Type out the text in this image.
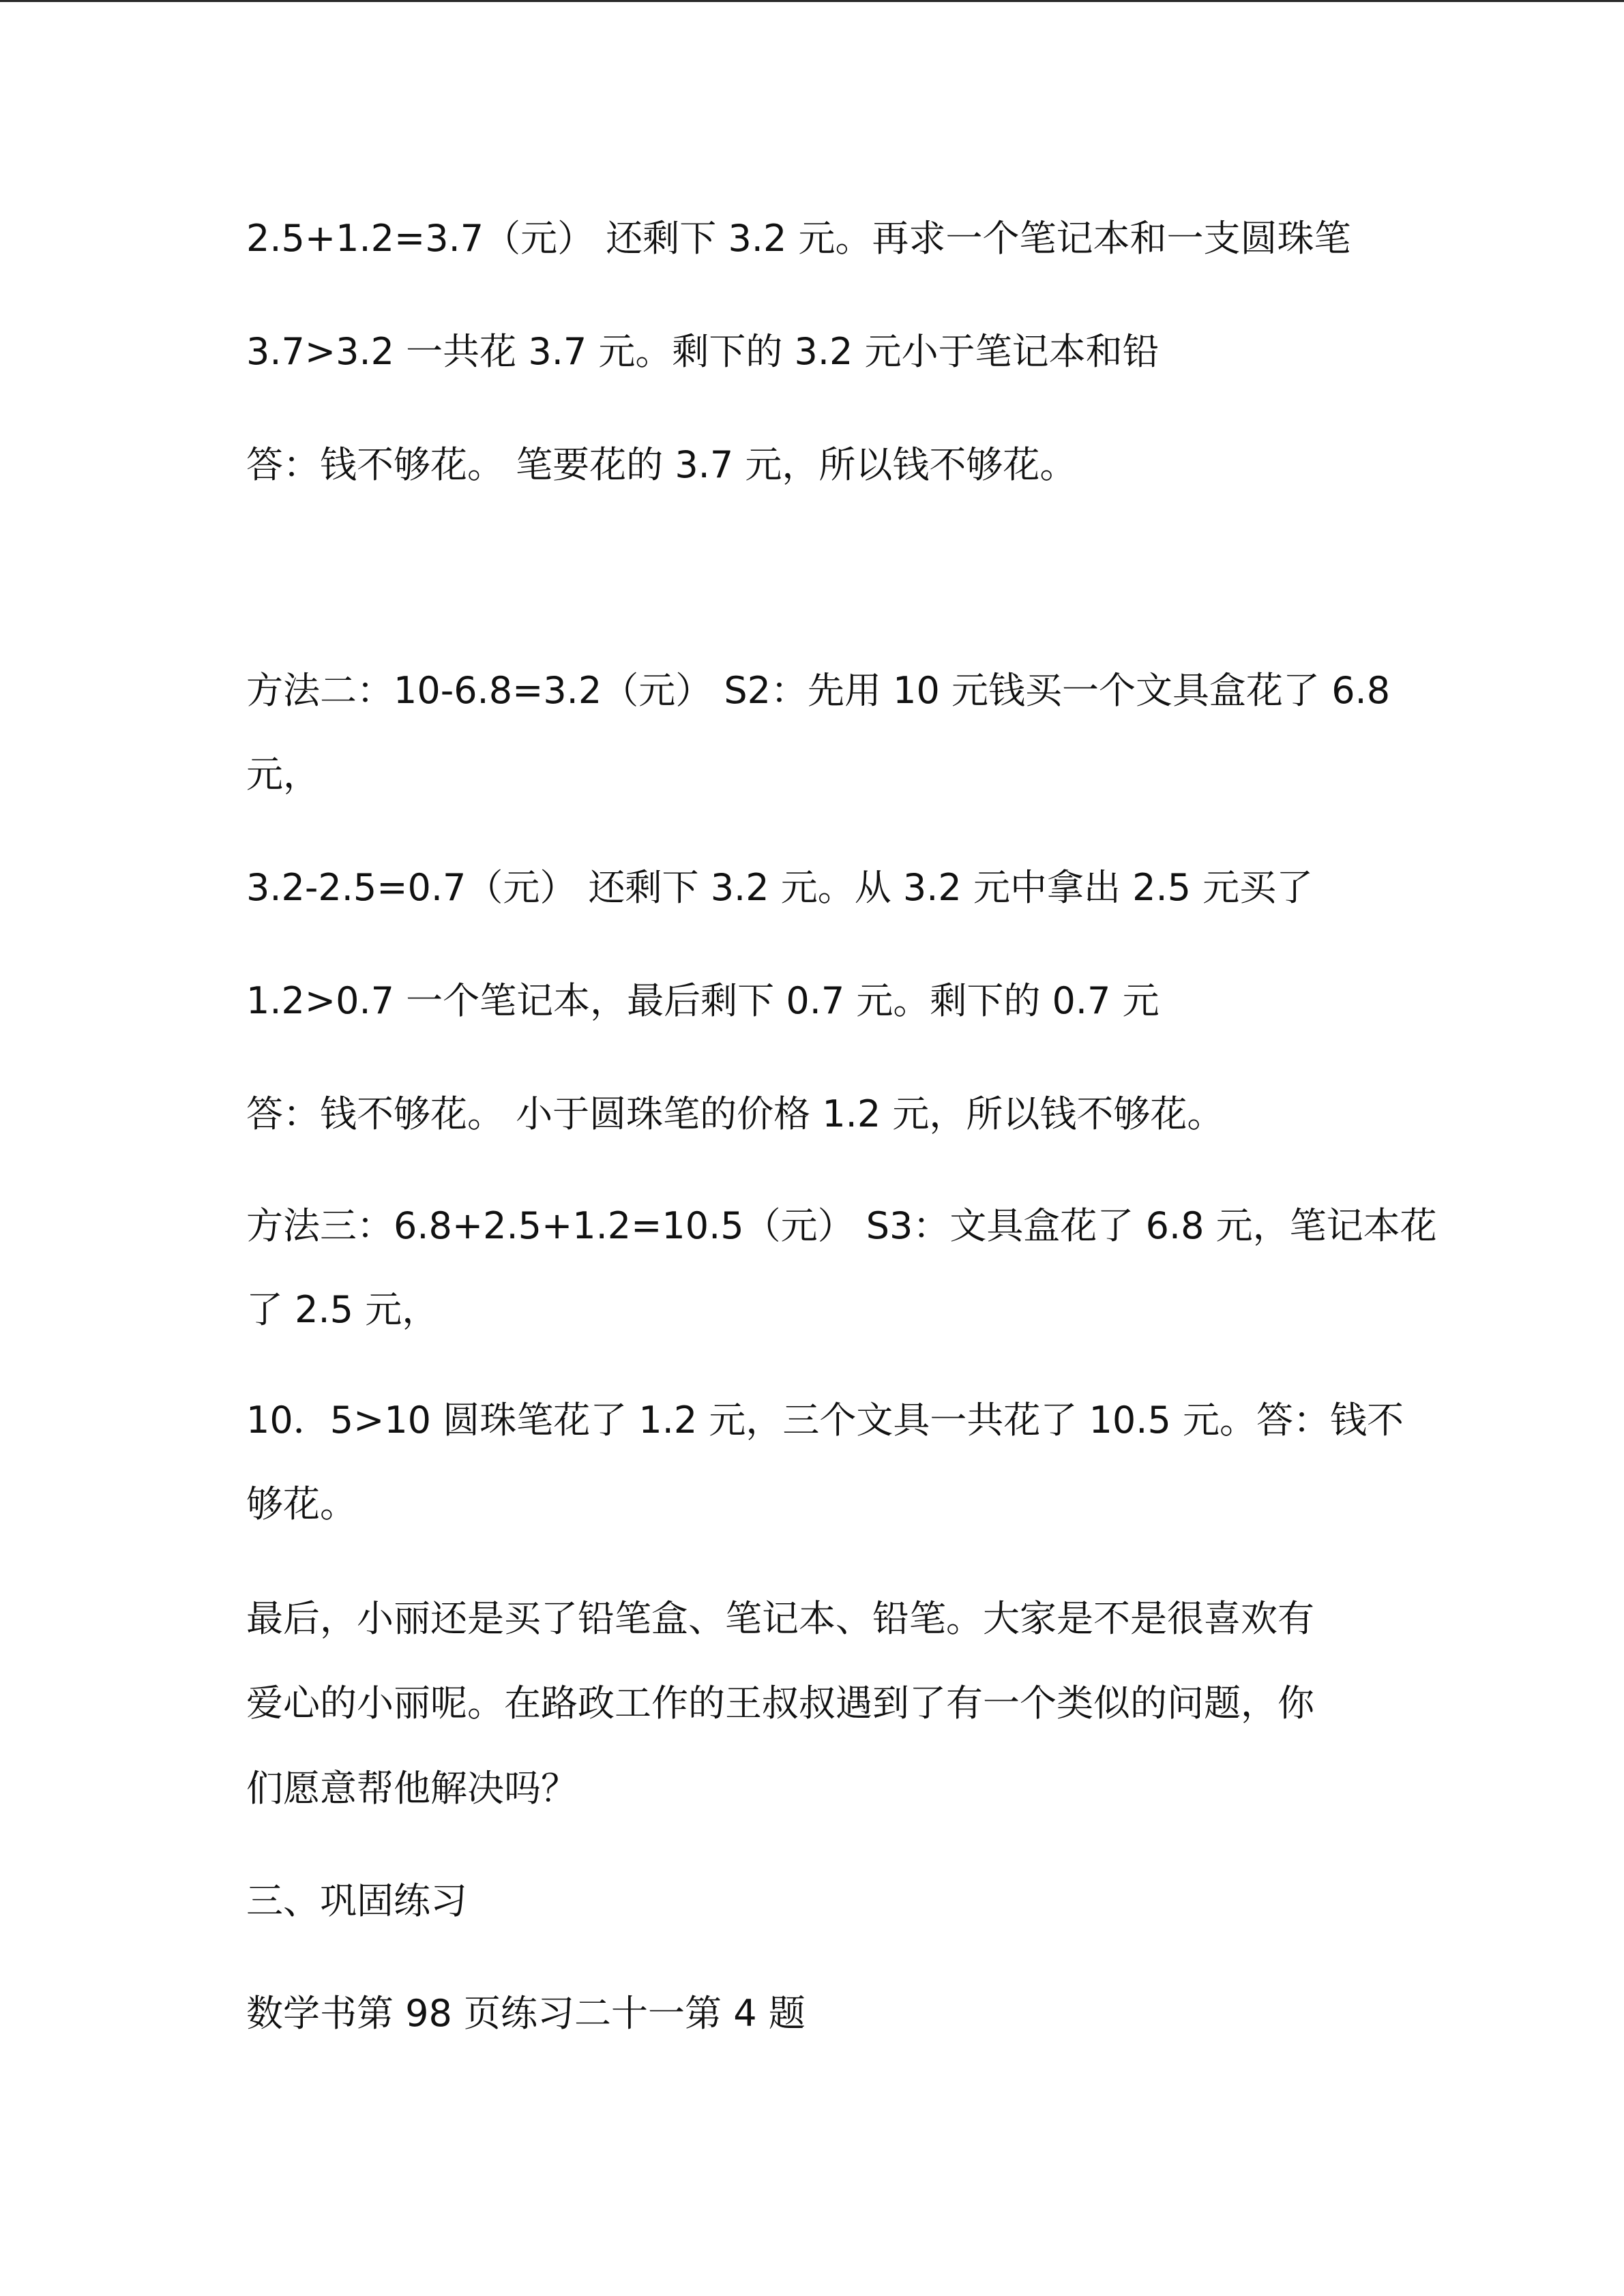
2.5+1.2=3.7（元） 还剩下 3.2 元。再求一个笔记本和一支圆珠笔
3.7>3.2 一共花 3.7 元。剩下的 3.2 元小于笔记本和铅
答：钱不够花。 笔要花的 3.7 元，所以钱不够花。
方法二：10-6.8=3.2（元） S2：先用 10 元钱买一个文具盒花了 6.8
元，
3.2-2.5=0.7（元） 还剩下 3.2 元。从 3.2 元中拿出 2.5 元买了
1.2>0.7 一个笔记本，最后剩下 0.7 元。剩下的 0.7 元
答：钱不够花。 小于圆珠笔的价格 1.2 元，所以钱不够花。
方法三：6.8+2.5+1.2=10.5（元） S3：文具盒花了 6.8 元，笔记本花
了 2.5 元，
10．5>10 圆珠笔花了 1.2 元，三个文具一共花了 10.5 元。答：钱不
够花。
最后，小丽还是买了铅笔盒、笔记本、铅笔。大家是不是很喜欢有
爱心的小丽呢。在路政工作的王叔叔遇到了有一个类似的问题，你
们愿意帮他解决吗？
三、巩固练习
数学书第 98 页练习二十一第 4 题
